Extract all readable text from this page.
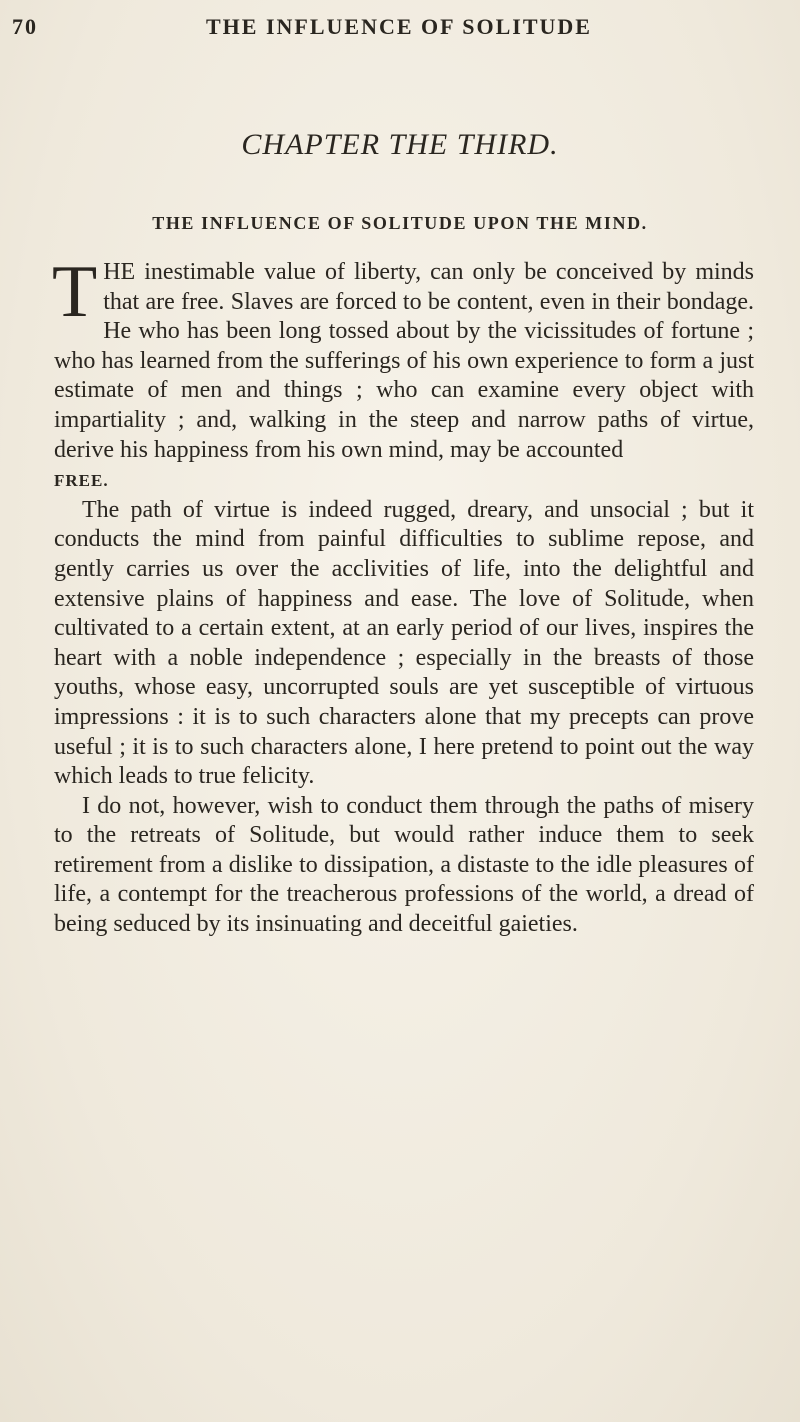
70	THE INFLUENCE OF SOLITUDE
CHAPTER THE THIRD.
THE INFLUENCE OF SOLITUDE UPON THE MIND.

T HE inestimable value of liberty, can only be conceived by minds that are free. Slaves are forced to be content, even in their bondage. He who has been long tossed about by the vicissitudes of fortune ; who has learned from the sufferings of his own experience to form a just estimate of men and things ; who can examine every object with impartiality ; and, walking in the steep and narrow paths of virtue, derive his happiness from his own mind, may be accounted
FREE.

The path of virtue is indeed rugged, dreary, and unsocial ; but it conducts the mind from painful difficulties to sublime repose, and gently carries us over the acclivities of life, into the delightful and extensive plains of happiness and ease. The love of Solitude, when cultivated to a certain extent, at an early period of our lives, inspires the heart with a noble independence ; especially in the breasts of those youths, whose easy, uncorrupted souls are yet susceptible of virtuous impressions : it is to such characters alone that my precepts can prove useful ; it is to such characters alone, I here pretend to point out the way which leads to true felicity.

I do not, however, wish to conduct them through the paths of misery to the retreats of Solitude, but would rather induce them to seek retirement from a dislike to dissipation, a distaste to the idle pleasures of life, a contempt for the treacherous professions of the world, a dread of being seduced by its insinuating and deceitful gaieties.
